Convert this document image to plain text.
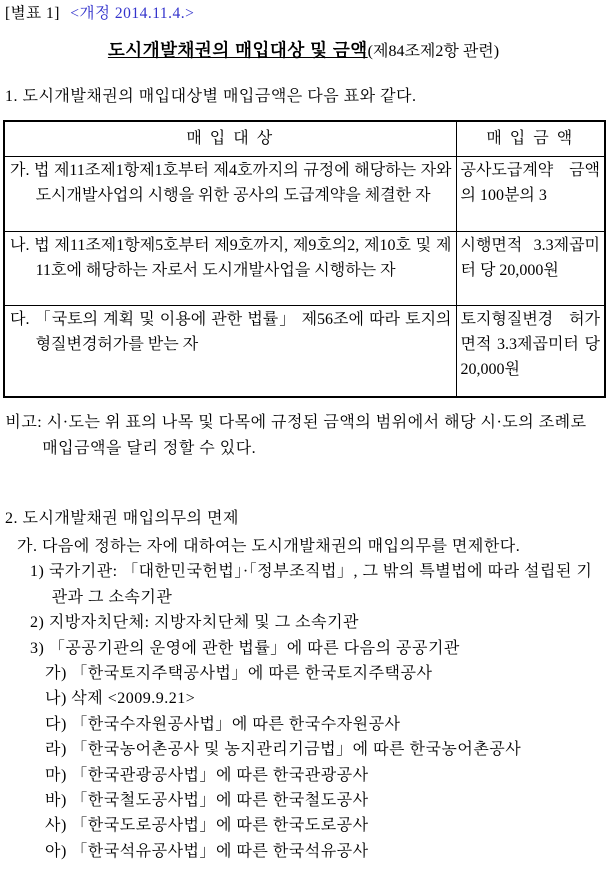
[별표 1] <개정 2014.11.4.>
도시개발채권의 매입대상 및 금액(제84조제2항 관련)

1. 도시개발채권의 매입대상별 매입금액은 다음 표와 같다.

매 입 대 상	매 입 금 액

가. 법 제11조제1항제1호부터 제4호까지의 규정에 해당하는 자와 도시개발사업의 시행을 위한 공사의 도급계약을 체결한 자	공사도급계약 금액의 100분의 3

나. 법 제11조제1항제5호부터 제9호까지, 제9호의2, 제10호 및 제11호에 해당하는 자로서 도시개발사업을 시행하는 자	시행면적 3.3제곱미터 당 20,000원

다. 「국토의 계획 및 이용에 관한 법률」 제56조에 따라 토지의 형질변경허가를 받는 자	토지형질변경 허가면적 3.3제곱미터 당 20,000원

비고: 시·도는 위 표의 나목 및 다목에 규정된 금액의 범위에서 해당 시·도의 조례로 매입금액을 달리 정할 수 있다.

2. 도시개발채권 매입의무의 면제

가. 다음에 정하는 자에 대하여는 도시개발채권의 매입의무를 면제한다.
1) 국가기관: 「대한민국헌법」·「정부조직법」, 그 밖의 특별법에 따라 설립된 기관과 그 소속기관
2) 지방자치단체: 지방자치단체 및 그 소속기관
3) 「공공기관의 운영에 관한 법률」에 따른 다음의 공공기관
가) 「한국토지주택공사법」에 따른 한국토지주택공사
나) 삭제 <2009.9.21>
다) 「한국수자원공사법」에 따른 한국수자원공사
라) 「한국농어촌공사 및 농지관리기금법」에 따른 한국농어촌공사
마) 「한국관광공사법」에 따른 한국관광공사
바) 「한국철도공사법」에 따른 한국철도공사
사) 「한국도로공사법」에 따른 한국도로공사
아) 「한국석유공사법」에 따른 한국석유공사
